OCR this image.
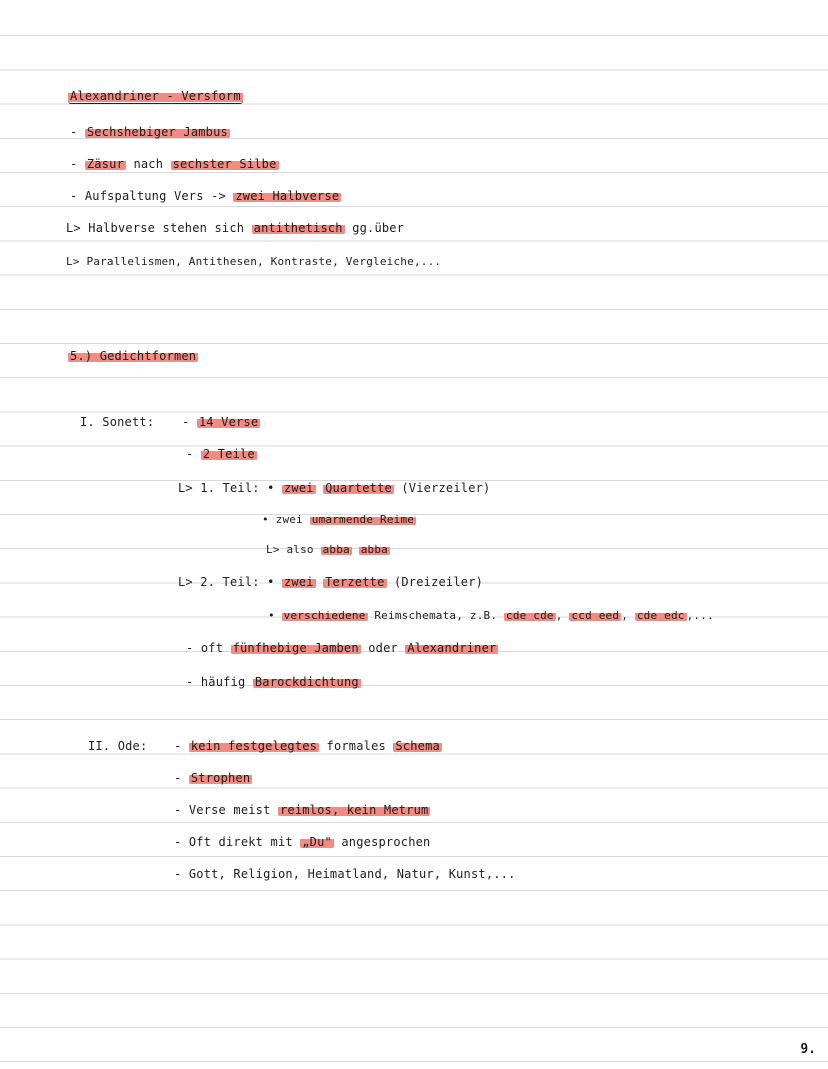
Alexandriner - Versform
- Sechshebiger Jambus
- Zäsur nach sechster Silbe
- Aufspaltung Vers -> zwei Halbverse
L> Halbverse stehen sich antithetisch gg.über
L> Parallelismen, Antithesen, Kontraste, Vergleiche,...
5.) Gedichtformen
I. Sonett: - 14 Verse
- 2 Teile
L> 1. Teil: • zwei Quartette (Vierzeiler)
• zwei umarmende Reime
L> also abba abba
L> 2. Teil: • zwei Terzette (Dreizeiler)
• verschiedene Reimschemata, z.B. cde cde , ccd eed , cde edc ,...
- oft fünfhebige Jamben oder Alexandriner
- häufig Barockdichtung
II. Ode: - kein festgelegtes formales Schema
- Strophen
- Verse meist reimlos, kein Metrum
- Oft direkt mit „Du" angesprochen
- Gott, Religion, Heimatland, Natur, Kunst,...
9.
